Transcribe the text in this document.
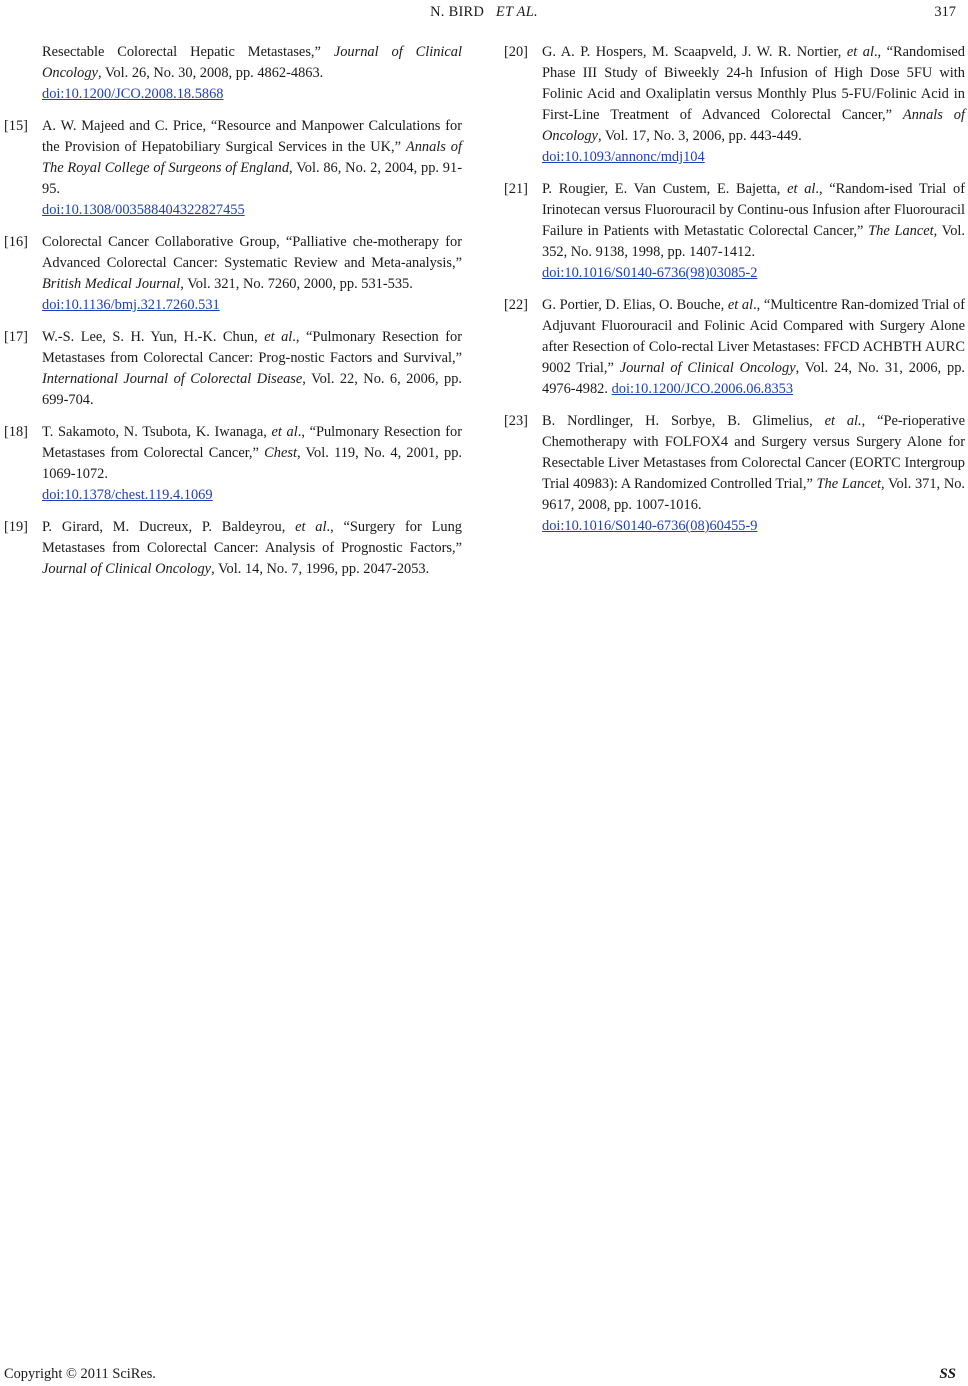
N. BIRD ET AL.	317
Resectable Colorectal Hepatic Metastases,” Journal of Clinical Oncology, Vol. 26, No. 30, 2008, pp. 4862-4863.
doi:10.1200/JCO.2008.18.5868
[15] A. W. Majeed and C. Price, “Resource and Manpower Calculations for the Provision of Hepatobiliary Surgical Services in the UK,” Annals of The Royal College of Surgeons of England, Vol. 86, No. 2, 2004, pp. 91-95.
doi:10.1308/003588404322827455
[16] Colorectal Cancer Collaborative Group, “Palliative che-motherapy for Advanced Colorectal Cancer: Systematic Review and Meta-analysis,” British Medical Journal, Vol. 321, No. 7260, 2000, pp. 531-535.
doi:10.1136/bmj.321.7260.531
[17] W.-S. Lee, S. H. Yun, H.-K. Chun, et al., “Pulmonary Resection for Metastases from Colorectal Cancer: Prog-nostic Factors and Survival,” International Journal of Colorectal Disease, Vol. 22, No. 6, 2006, pp. 699-704.
[18] T. Sakamoto, N. Tsubota, K. Iwanaga, et al., “Pulmonary Resection for Metastases from Colorectal Cancer,” Chest, Vol. 119, No. 4, 2001, pp. 1069-1072.
doi:10.1378/chest.119.4.1069
[19] P. Girard, M. Ducreux, P. Baldeyrou, et al., “Surgery for Lung Metastases from Colorectal Cancer: Analysis of Prognostic Factors,” Journal of Clinical Oncology, Vol. 14, No. 7, 1996, pp. 2047-2053.
[20] G. A. P. Hospers, M. Scaapveld, J. W. R. Nortier, et al., “Randomised Phase III Study of Biweekly 24-h Infusion of High Dose 5FU with Folinic Acid and Oxaliplatin versus Monthly Plus 5-FU/Folinic Acid in First-Line Treatment of Advanced Colorectal Cancer,” Annals of Oncology, Vol. 17, No. 3, 2006, pp. 443-449.
doi:10.1093/annonc/mdj104
[21] P. Rougier, E. Van Custem, E. Bajetta, et al., “Random-ised Trial of Irinotecan versus Fluorouracil by Continu-ous Infusion after Fluorouracil Failure in Patients with Metastatic Colorectal Cancer,” The Lancet, Vol. 352, No. 9138, 1998, pp. 1407-1412.
doi:10.1016/S0140-6736(98)03085-2
[22] G. Portier, D. Elias, O. Bouche, et al., “Multicentre Ran-domized Trial of Adjuvant Fluorouracil and Folinic Acid Compared with Surgery Alone after Resection of Colo-rectal Liver Metastases: FFCD ACHBTH AURC 9002 Trial,” Journal of Clinical Oncology, Vol. 24, No. 31, 2006, pp. 4976-4982. doi:10.1200/JCO.2006.06.8353
[23] B. Nordlinger, H. Sorbye, B. Glimelius, et al., “Pe-rioperative Chemotherapy with FOLFOX4 and Surgery versus Surgery Alone for Resectable Liver Metastases from Colorectal Cancer (EORTC Intergroup Trial 40983): A Randomized Controlled Trial,” The Lancet, Vol. 371, No. 9617, 2008, pp. 1007-1016.
doi:10.1016/S0140-6736(08)60455-9
Copyright © 2011 SciRes.	SS
